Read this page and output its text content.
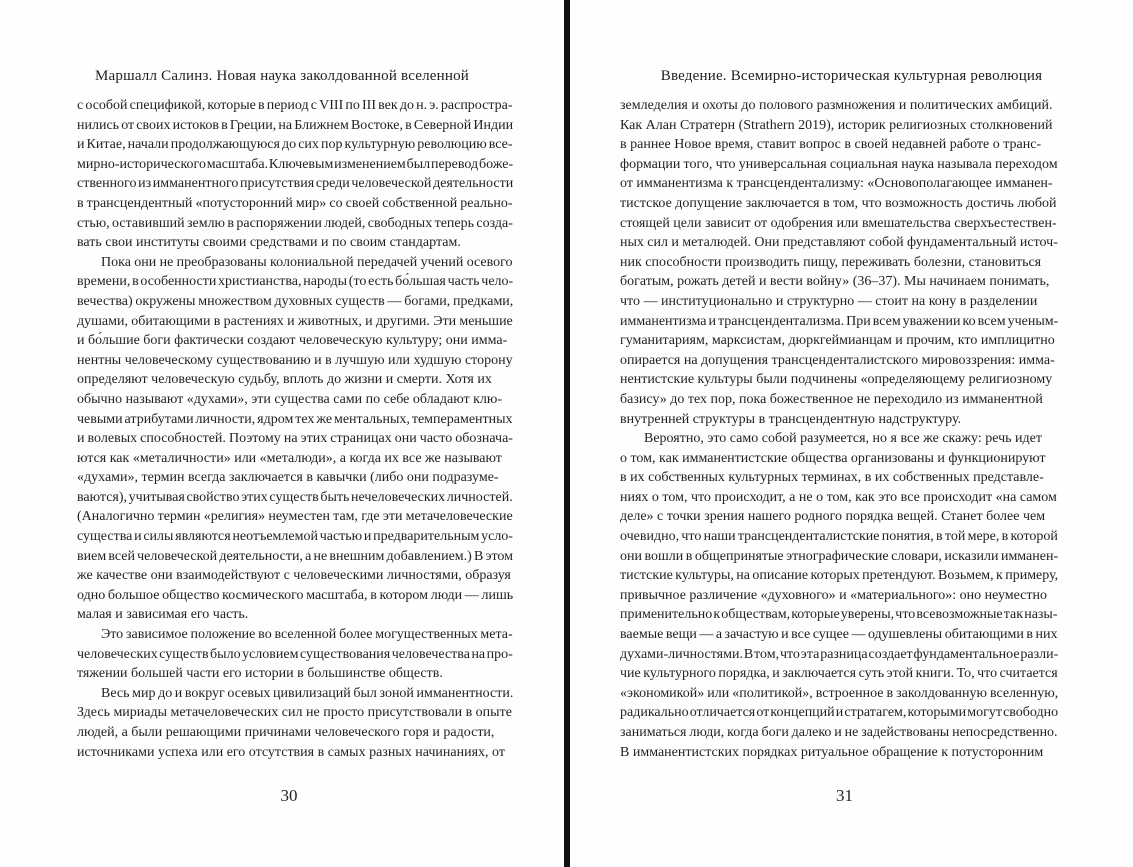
Маршалл Салинз. Новая наука заколдованной вселенной
с особой спецификой, которые в период с VIII по III век до н. э. распростра-
нились от своих истоков в Греции, на Ближнем Востоке, в Северной Индии
и Китае, начали продолжающуюся до сих пор культурную революцию все-
мирно-исторического масштаба. Ключевым изменением был перевод боже-
ственного из имманентного присутствия среди человеческой деятельности
в трансцендентный «потусторонний мир» со своей собственной реально-
стью, оставивший землю в распоряжении людей, свободных теперь созда-
вать свои институты своими средствами и по своим стандартам.
Пока они не преобразованы колониальной передачей учений осевого
времени, в особенности христианства, народы (то есть бо́льшая часть чело-
вечества) окружены множеством духовных существ — богами, предками,
душами, обитающими в растениях и животных, и другими. Эти меньшие
и бо́льшие боги фактически создают человеческую культуру; они имма-
нентны человеческому существованию и в лучшую или худшую сторону
определяют человеческую судьбу, вплоть до жизни и смерти. Хотя их
обычно называют «духами», эти существа сами по себе обладают клю-
чевыми атрибутами личности, ядром тех же ментальных, темпераментных
и волевых способностей. Поэтому на этих страницах они часто обознача-
ются как «металичности» или «металюди», а когда их все же называют
«духами», термин всегда заключается в кавычки (либо они подразуме-
ваются), учитывая свойство этих существ быть нечеловеческих личностей.
(Аналогично термин «религия» неуместен там, где эти метачеловеческие
существа и силы являются неотъемлемой частью и предварительным усло-
вием всей человеческой деятельности, а не внешним добавлением.) В этом
же качестве они взаимодействуют с человеческими личностями, образуя
одно большое общество космического масштаба, в котором люди — лишь
малая и зависимая его часть.
Это зависимое положение во вселенной более могущественных мета-
человеческих существ было условием существования человечества на про-
тяжении большей части его истории в большинстве обществ.
Весь мир до и вокруг осевых цивилизаций был зоной имманентности.
Здесь мириады метачеловеческих сил не просто присутствовали в опыте
людей, а были решающими причинами человеческого горя и радости,
источниками успеха или его отсутствия в самых разных начинаниях, от
30
Введение. Всемирно-историческая культурная революция
земледелия и охоты до полового размножения и политических амбиций.
Как Алан Стратерн (Strathern 2019), историк религиозных столкновений
в раннее Новое время, ставит вопрос в своей недавней работе о транс-
формации того, что универсальная социальная наука называла переходом
от имманентизма к трансцендентализму: «Основополагающее имманен-
тистское допущение заключается в том, что возможность достичь любой
стоящей цели зависит от одобрения или вмешательства сверхъестествен-
ных сил и металюдей. Они представляют собой фундаментальный источ-
ник способности производить пищу, переживать болезни, становиться
богатым, рожать детей и вести войну» (36–37). Мы начинаем понимать,
что — институционально и структурно — стоит на кону в разделении
имманентизма и трансцендентализма. При всем уважении ко всем ученым-
гуманитариям, марксистам, дюркгеймианцам и прочим, кто имплицитно
опирается на допущения трансценденталистского мировоззрения: имма-
нентистские культуры были подчинены «определяющему религиозному
базису» до тех пор, пока божественное не переходило из имманентной
внутренней структуры в трансцендентную надструктуру.
Вероятно, это само собой разумеется, но я все же скажу: речь идет
о том, как имманентистские общества организованы и функционируют
в их собственных культурных терминах, в их собственных представле-
ниях о том, что происходит, а не о том, как это все происходит «на самом
деле» с точки зрения нашего родного порядка вещей. Станет более чем
очевидно, что наши трансценденталистские понятия, в той мере, в которой
они вошли в общепринятые этнографические словари, исказили имманен-
тистские культуры, на описание которых претендуют. Возьмем, к примеру,
привычное различение «духовного» и «материального»: оно неуместно
применительно к обществам, которые уверены, что всевозможные так назы-
ваемые вещи — а зачастую и все сущее — одушевлены обитающими в них
духами-личностями. В том, что эта разница создает фундаментальное разли-
чие культурного порядка, и заключается суть этой книги. То, что считается
«экономикой» или «политикой», встроенное в заколдованную вселенную,
радикально отличается от концепций и стратагем, которыми могут свободно
заниматься люди, когда боги далеко и не задействованы непосредственно.
В имманентистских порядках ритуальное обращение к потусторонним
31
